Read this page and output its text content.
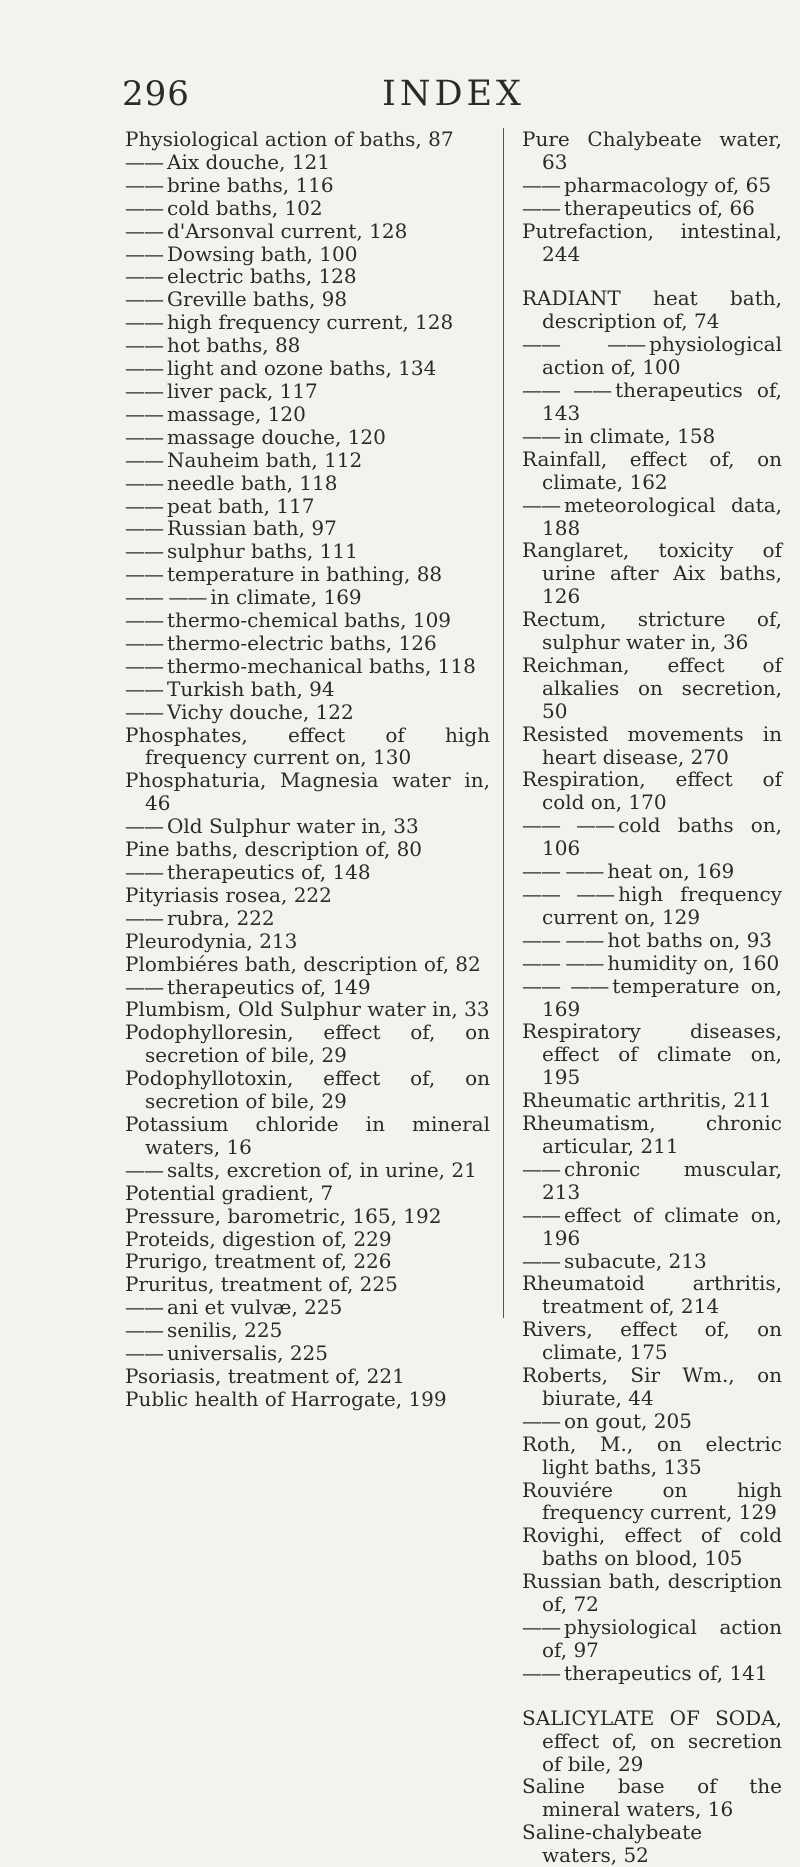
296	INDEX
Physiological action of baths, 87
—— Aix douche, 121
—— brine baths, 116
—— cold baths, 102
—— d'Arsonval current, 128
—— Dowsing bath, 100
—— electric baths, 128
—— Greville baths, 98
—— high frequency current, 128
—— hot baths, 88
—— light and ozone baths, 134
—— liver pack, 117
—— massage, 120
—— massage douche, 120
—— Nauheim bath, 112
—— needle bath, 118
—— peat bath, 117
—— Russian bath, 97
—— sulphur baths, 111
—— temperature in bathing, 88
—— —— in climate, 169
—— thermo-chemical baths, 109
—— thermo-electric baths, 126
—— thermo-mechanical baths, 118
—— Turkish bath, 94
—— Vichy douche, 122
Phosphates, effect of high frequency current on, 130
Phosphaturia, Magnesia water in, 46
—— Old Sulphur water in, 33
Pine baths, description of, 80
—— therapeutics of, 148
Pityriasis rosea, 222
—— rubra, 222
Pleurodynia, 213
Plombiéres bath, description of, 82
—— therapeutics of, 149
Plumbism, Old Sulphur water in, 33
Podophylloresin, effect of, on secretion of bile, 29
Podophyllotoxin, effect of, on secretion of bile, 29
Potassium chloride in mineral waters, 16
—— salts, excretion of, in urine, 21
Potential gradient, 7
Pressure, barometric, 165, 192
Proteids, digestion of, 229
Prurigo, treatment of, 226
Pruritus, treatment of, 225
—— ani et vulvæ, 225
—— senilis, 225
—— universalis, 225
Psoriasis, treatment of, 221
Public health of Harrogate, 199
Pure Chalybeate water, 63
—— pharmacology of, 65
—— therapeutics of, 66
Putrefaction, intestinal, 244
RADIANT heat bath, description of, 74
—— —— physiological action of, 100
—— —— therapeutics of, 143
—— in climate, 158
Rainfall, effect of, on climate, 162
—— meteorological data, 188
Ranglaret, toxicity of urine after Aix baths, 126
Rectum, stricture of, sulphur water in, 36
Reichman, effect of alkalies on secretion, 50
Resisted movements in heart disease, 270
Respiration, effect of cold on, 170
—— —— cold baths on, 106
—— —— heat on, 169
—— —— high frequency current on, 129
—— —— hot baths on, 93
—— —— humidity on, 160
—— —— temperature on, 169
Respiratory diseases, effect of climate on, 195
Rheumatic arthritis, 211
Rheumatism, chronic articular, 211
—— chronic muscular, 213
—— effect of climate on, 196
—— subacute, 213
Rheumatoid arthritis, treatment of, 214
Rivers, effect of, on climate, 175
Roberts, Sir Wm., on biurate, 44
—— on gout, 205
Roth, M., on electric light baths, 135
Rouviére on high frequency current, 129
Rovighi, effect of cold baths on blood, 105
Russian bath, description of, 72
—— physiological action of, 97
—— therapeutics of, 141
SALICYLATE OF SODA, effect of, on secretion of bile, 29
Saline base of the mineral waters, 16
Saline-chalybeate waters, 52
